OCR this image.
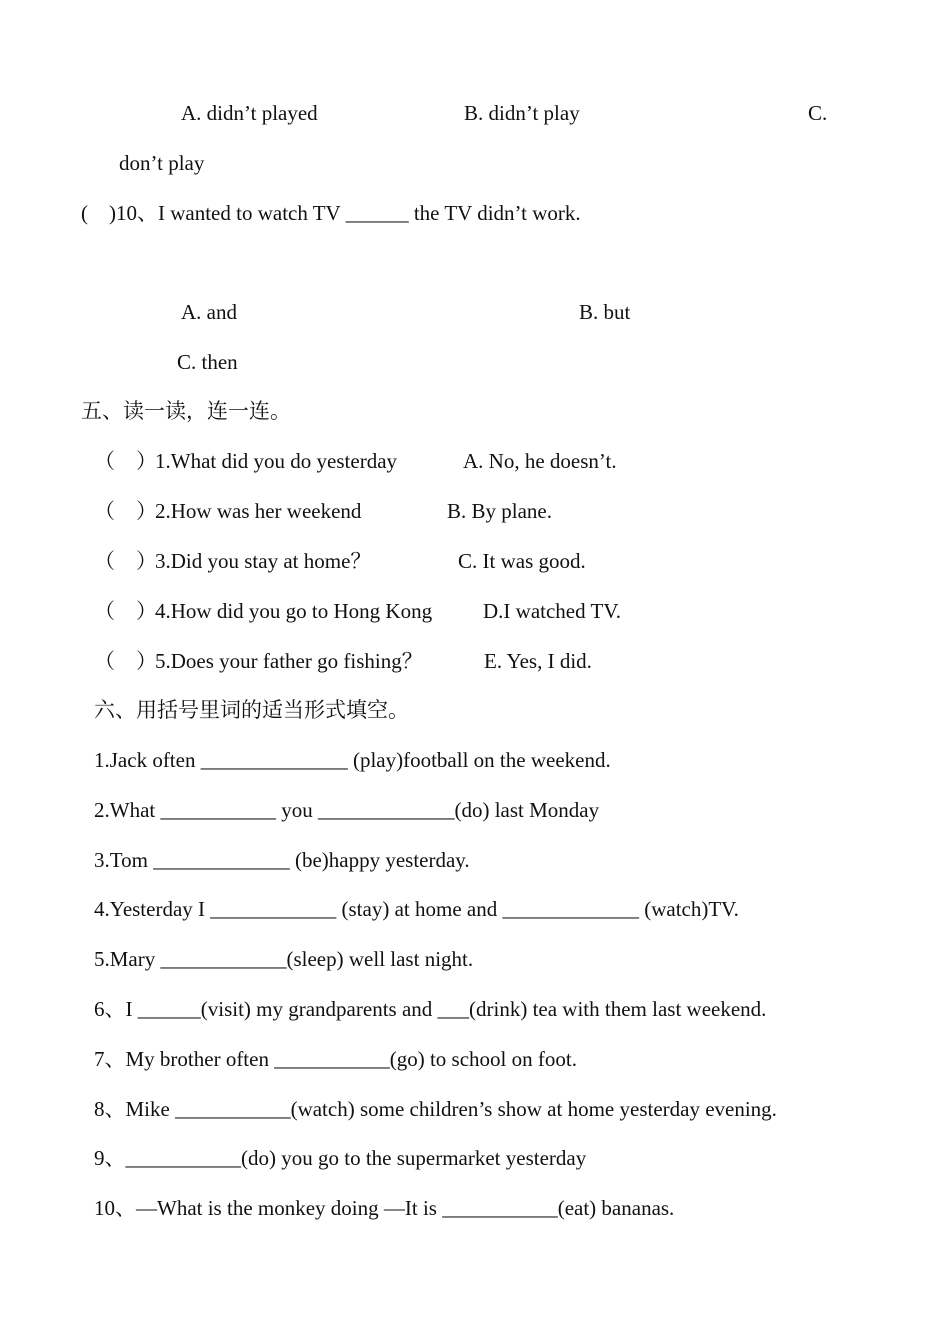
A. didn’t played	B. didn’t play	C.
don’t play
(　)10、I wanted to watch TV ______ the TV didn’t work.
A. and	B. but
C. then
五、读一读，连一连。
（　）
1.What did you do yesterday	A. No, he doesn’t.
（　）
2.How was her weekend	B. By plane.
（　）
3.Did you stay at home？	C. It was good.
（　）
4.How did you go to Hong Kong D.I watched TV.
（　）
5.Does your father go fishing？	E. Yes, I did.
六、用括号里词的适当形式填空。
1.Jack often ______________ (play)football on the weekend.
2.What ___________ you _____________(do) last Monday
3.Tom _____________ (be)happy yesterday.
4.Yesterday I ____________ (stay) at home and _____________ (watch)TV.
5.Mary ____________(sleep) well last night.
6、I ______(visit) my grandparents and ___(drink) tea with them last weekend.
7、My brother often ___________(go) to school on foot.
8、Mike ___________(watch) some children’s show at home yesterday evening.
9、___________(do) you go to the supermarket yesterday
10、—What is the monkey doing —It is ___________(eat) bananas.
